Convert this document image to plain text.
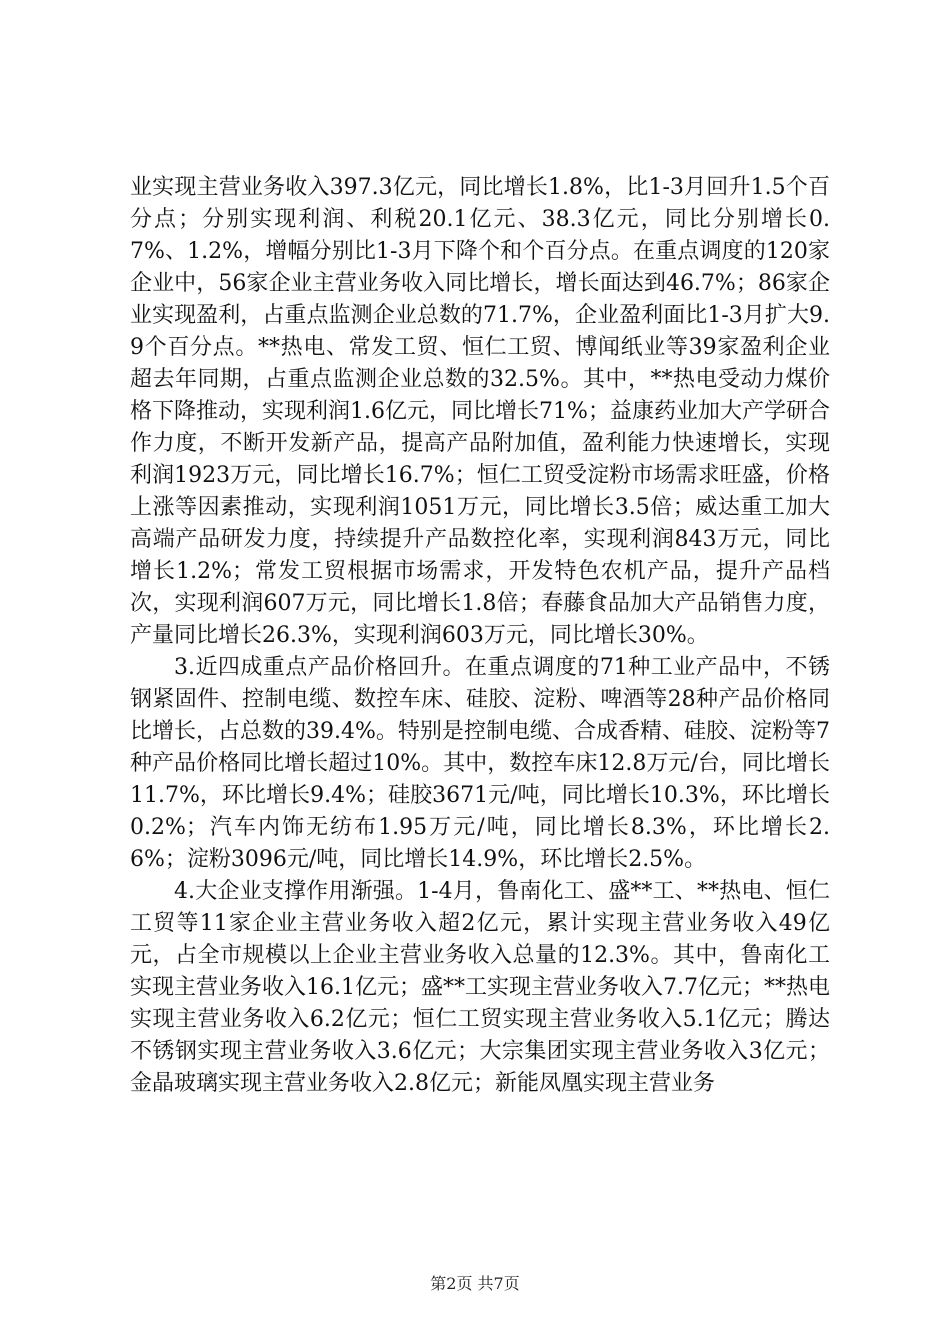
业实现主营业务收入397.3亿元，同比增长1.8%，比1-3月回升1.5个百分点；分别实现利润、利税20.1亿元、38.3亿元，同比分别增长0.7%、1.2%，增幅分别比1-3月下降个和个百分点。在重点调度的120家企业中，56家企业主营业务收入同比增长，增长面达到46.7%；86家企业实现盈利，占重点监测企业总数的71.7%，企业盈利面比1-3月扩大9.9个百分点。**热电、常发工贸、恒仁工贸、博闻纸业等39家盈利企业超去年同期，占重点监测企业总数的32.5%。其中，**热电受动力煤价格下降推动，实现利润1.6亿元，同比增长71%；益康药业加大产学研合作力度，不断开发新产品，提高产品附加值，盈利能力快速增长，实现利润1923万元，同比增长16.7%；恒仁工贸受淀粉市场需求旺盛，价格上涨等因素推动，实现利润1051万元，同比增长3.5倍；威达重工加大高端产品研发力度，持续提升产品数控化率，实现利润843万元，同比增长1.2%；常发工贸根据市场需求，开发特色农机产品，提升产品档次，实现利润607万元，同比增长1.8倍；春藤食品加大产品销售力度，产量同比增长26.3%，实现利润603万元，同比增长30%。

3.近四成重点产品价格回升。在重点调度的71种工业产品中，不锈钢紧固件、控制电缆、数控车床、硅胶、淀粉、啤酒等28种产品价格同比增长，占总数的39.4%。特别是控制电缆、合成香精、硅胶、淀粉等7种产品价格同比增长超过10%。其中，数控车床12.8万元/台，同比增长11.7%，环比增长9.4%；硅胶3671元/吨，同比增长10.3%，环比增长0.2%；汽车内饰无纺布1.95万元/吨，同比增长8.3%，环比增长2.6%；淀粉3096元/吨，同比增长14.9%，环比增长2.5%。

4.大企业支撑作用渐强。1-4月，鲁南化工、盛**工、**热电、恒仁工贸等11家企业主营业务收入超2亿元，累计实现主营业务收入49亿元，占全市规模以上企业主营业务收入总量的12.3%。其中，鲁南化工实现主营业务收入16.1亿元；盛**工实现主营业务收入7.7亿元；**热电实现主营业务收入6.2亿元；恒仁工贸实现主营业务收入5.1亿元；腾达不锈钢实现主营业务收入3.6亿元；大宗集团实现主营业务收入3亿元；金晶玻璃实现主营业务收入2.8亿元；新能凤凰实现主营业务

第2页 共7页
